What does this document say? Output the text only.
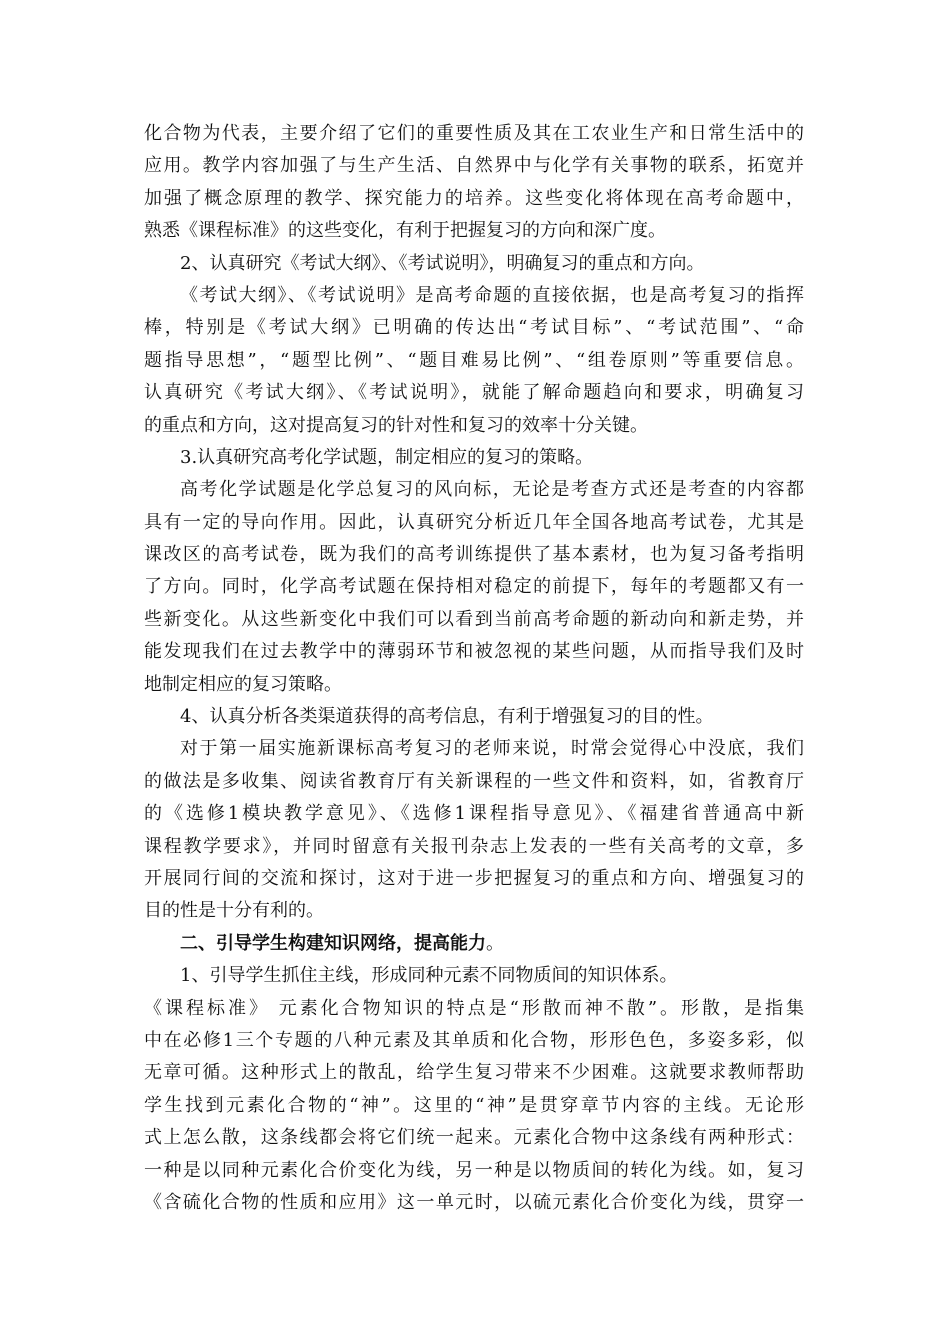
化合物为代表，主要介绍了它们的重要性质及其在工农业生产和日常生活中的
应用。教学内容加强了与生产生活、自然界中与化学有关事物的联系，拓宽并
加强了概念原理的教学、探究能力的培养。这些变化将体现在高考命题中，
熟悉《课程标准》的这些变化，有利于把握复习的方向和深广度。
2、认真研究《考试大纲》、《考试说明》，明确复习的重点和方向。
《考试大纲》、《考试说明》是高考命题的直接依据，也是高考复习的指挥
棒，特别是《考试大纲》已明确的传达出“考试目标”、“考试范围”、“命
题指导思想”，“题型比例”、“题目难易比例”、“组卷原则”等重要信息。
认真研究《考试大纲》、《考试说明》，就能了解命题趋向和要求，明确复习
的重点和方向，这对提高复习的针对性和复习的效率十分关键。
3.认真研究高考化学试题，制定相应的复习的策略。
高考化学试题是化学总复习的风向标，无论是考查方式还是考查的内容都
具有一定的导向作用。因此，认真研究分析近几年全国各地高考试卷，尤其是
课改区的高考试卷，既为我们的高考训练提供了基本素材，也为复习备考指明
了方向。同时，化学高考试题在保持相对稳定的前提下，每年的考题都又有一
些新变化。从这些新变化中我们可以看到当前高考命题的新动向和新走势，并
能发现我们在过去教学中的薄弱环节和被忽视的某些问题，从而指导我们及时
地制定相应的复习策略。
4、认真分析各类渠道获得的高考信息，有利于增强复习的目的性。
对于第一届实施新课标高考复习的老师来说，时常会觉得心中没底，我们
的做法是多收集、阅读省教育厅有关新课程的一些文件和资料，如，省教育厅
的《选修1模块教学意见》、《选修1课程指导意见》、《福建省普通高中新
课程教学要求》，并同时留意有关报刊杂志上发表的一些有关高考的文章，多
开展同行间的交流和探讨，这对于进一步把握复习的重点和方向、增强复习的
目的性是十分有利的。
二、引导学生构建知识网络，提高能力。
1、引导学生抓住主线，形成同种元素不同物质间的知识体系。
《课程标准》 元素化合物知识的特点是“形散而神不散”。形散，是指集
中在必修1三个专题的八种元素及其单质和化合物，形形色色，多姿多彩，似
无章可循。这种形式上的散乱，给学生复习带来不少困难。这就要求教师帮助
学生找到元素化合物的“神”。这里的“神”是贯穿章节内容的主线。无论形
式上怎么散，这条线都会将它们统一起来。元素化合物中这条线有两种形式：
一种是以同种元素化合价变化为线，另一种是以物质间的转化为线。如，复习
《含硫化合物的性质和应用》这一单元时，以硫元素化合价变化为线，贯穿一
